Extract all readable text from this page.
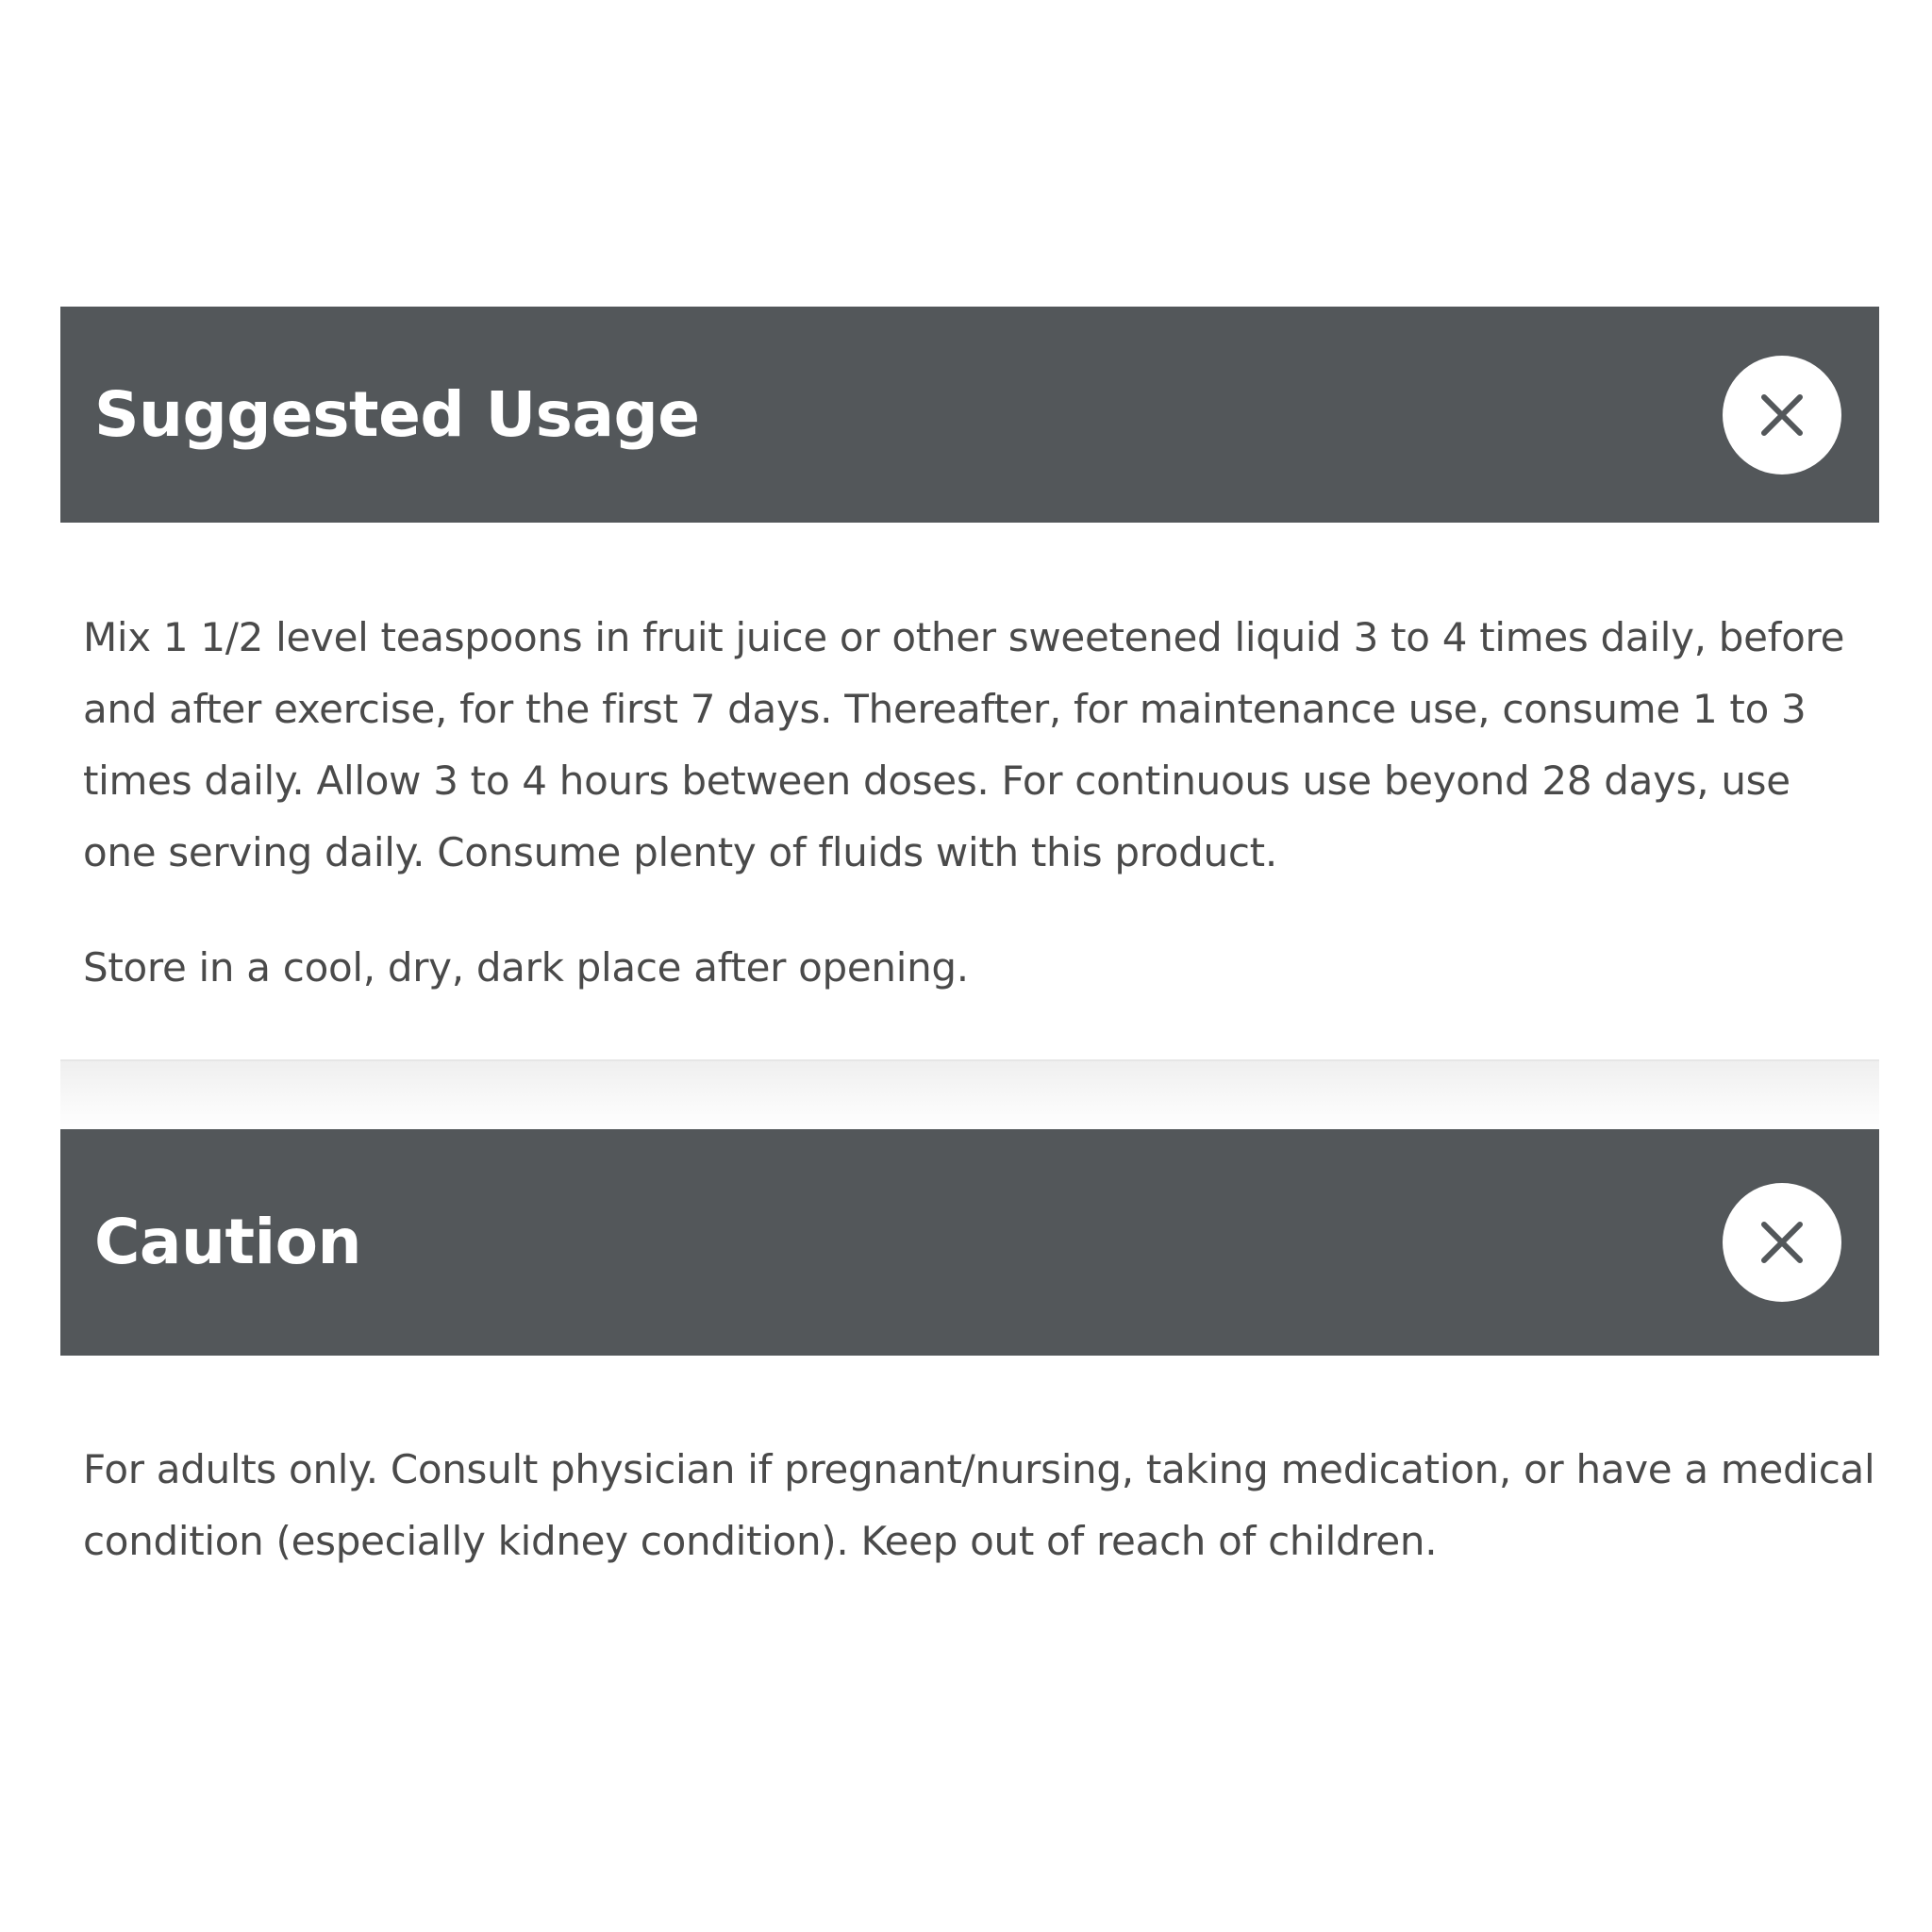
Suggested Usage

Mix 1 1/2 level teaspoons in fruit juice or other sweetened liquid 3 to 4 times daily, before and after exercise, for the first 7 days. Thereafter, for maintenance use, consume 1 to 3 times daily. Allow 3 to 4 hours between doses. For continuous use beyond 28 days, use one serving daily. Consume plenty of fluids with this product.

Store in a cool, dry, dark place after opening.

Caution

For adults only. Consult physician if pregnant/nursing, taking medication, or have a medical condition (especially kidney condition). Keep out of reach of children.
